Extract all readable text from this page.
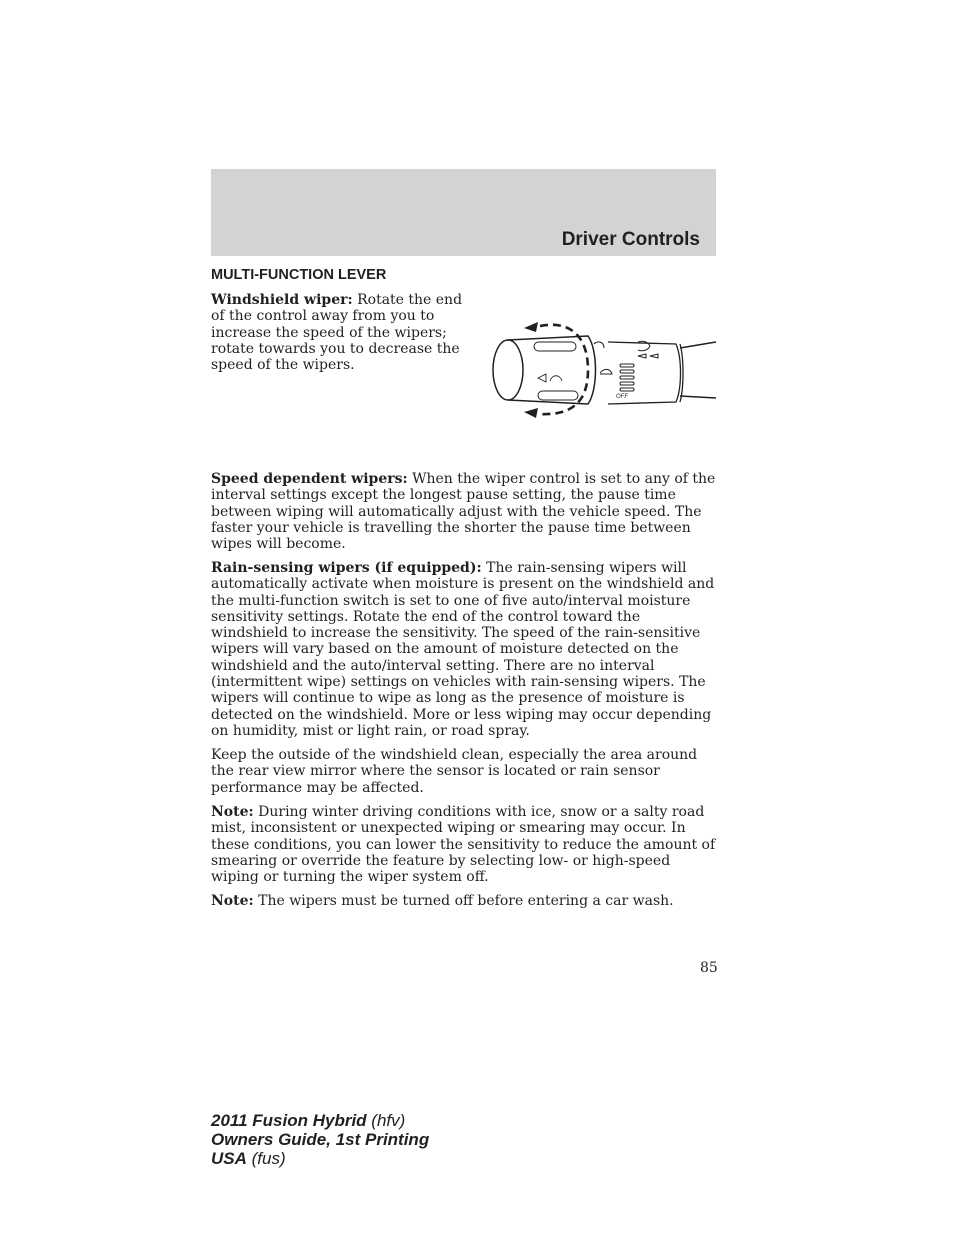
Driver Controls
MULTI-FUNCTION LEVER
Windshield wiper: Rotate the end
of the control away from you to
increase the speed of the wipers;
rotate towards you to decrease the
speed of the wipers.
OFF
Speed dependent wipers: When the wiper control is set to any of the interval settings except the longest pause setting, the pause time between wiping will automatically adjust with the vehicle speed. The faster your vehicle is travelling the shorter the pause time between wipes will become.
Rain-sensing wipers (if equipped): The rain-sensing wipers will automatically activate when moisture is present on the windshield and the multi-function switch is set to one of five auto/interval moisture sensitivity settings. Rotate the end of the control toward the windshield to increase the sensitivity. The speed of the rain-sensitive wipers will vary based on the amount of moisture detected on the windshield and the auto/interval setting. There are no interval (intermittent wipe) settings on vehicles with rain-sensing wipers. The wipers will continue to wipe as long as the presence of moisture is detected on the windshield. More or less wiping may occur depending on humidity, mist or light rain, or road spray.
Keep the outside of the windshield clean, especially the area around the rear view mirror where the sensor is located or rain sensor performance may be affected.
Note: During winter driving conditions with ice, snow or a salty road mist, inconsistent or unexpected wiping or smearing may occur. In these conditions, you can lower the sensitivity to reduce the amount of smearing or override the feature by selecting low- or high-speed wiping or turning the wiper system off.
Note: The wipers must be turned off before entering a car wash.
85
2011 Fusion Hybrid (hfv)
Owners Guide, 1st Printing
USA (fus)
